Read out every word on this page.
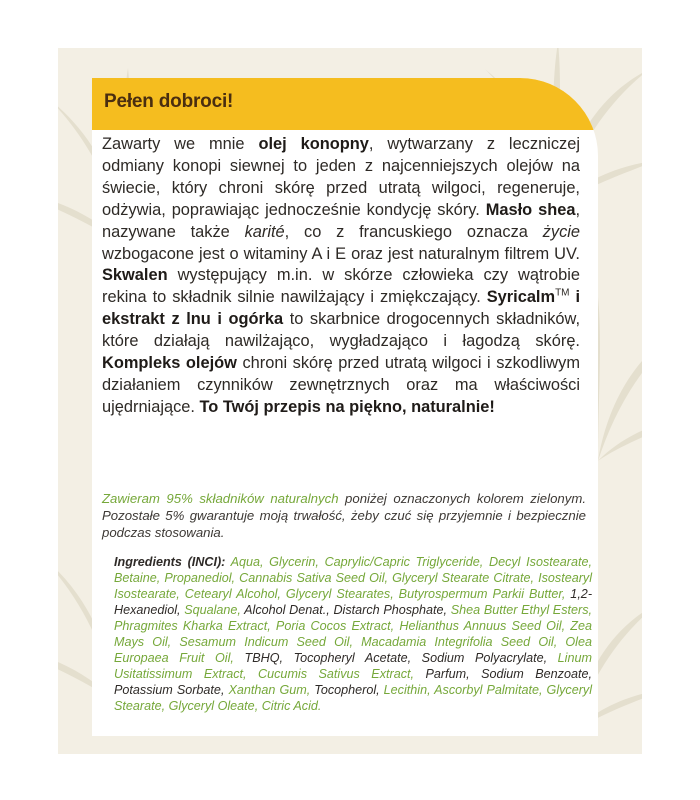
Pełen dobroci!
Zawarty we mnie olej konopny, wytwarzany z leczniczej odmiany konopi siewnej to jeden z najcenniejszych olejów na świecie, który chroni skórę przed utratą wilgoci, regeneruje, odżywia, poprawiając jednocześnie kondycję skóry. Masło shea, nazywane także karité, co z francuskiego oznacza życie wzbogacone jest o witaminy A i E oraz jest naturalnym filtrem UV. Skwalen występujący m.in. w skórze człowieka czy wątrobie rekina to składnik silnie nawilżający i zmiękczający. Syricalm™ i ekstrakt z lnu i ogórka to skarbnice drogocennych składników, które działają nawilżająco, wygładzająco i łagodzą skórę. Kompleks olejów chroni skórę przed utratą wilgoci i szkodliwym działaniem czynników zewnętrznych oraz ma właściwości ujędrniające. To Twój przepis na piękno, naturalnie!
Zawieram 95% składników naturalnych poniżej oznaczonych kolorem zielonym. Pozostałe 5% gwarantuje moją trwałość, żeby czuć się przyjemnie i bezpiecznie podczas stosowania.
Ingredients (INCI): Aqua, Glycerin, Caprylic/Capric Triglyceride, Decyl Isostearate, Betaine, Propanediol, Cannabis Sativa Seed Oil, Glyceryl Stearate Citrate, Isostearyl Isostearate, Cetearyl Alcohol, Glyceryl Stearates, Butyrospermum Parkii Butter, 1,2-Hexanediol, Squalane, Alcohol Denat., Distarch Phosphate, Shea Butter Ethyl Esters, Phragmites Kharka Extract, Poria Cocos Extract, Helianthus Annuus Seed Oil, Zea Mays Oil, Sesamum Indicum Seed Oil, Macadamia Integrifolia Seed Oil, Olea Europaea Fruit Oil, TBHQ, Tocopheryl Acetate, Sodium Polyacrylate, Linum Usitatissimum Extract, Cucumis Sativus Extract, Parfum, Sodium Benzoate, Potassium Sorbate, Xanthan Gum, Tocopherol, Lecithin, Ascorbyl Palmitate, Glyceryl Stearate, Glyceryl Oleate, Citric Acid.
